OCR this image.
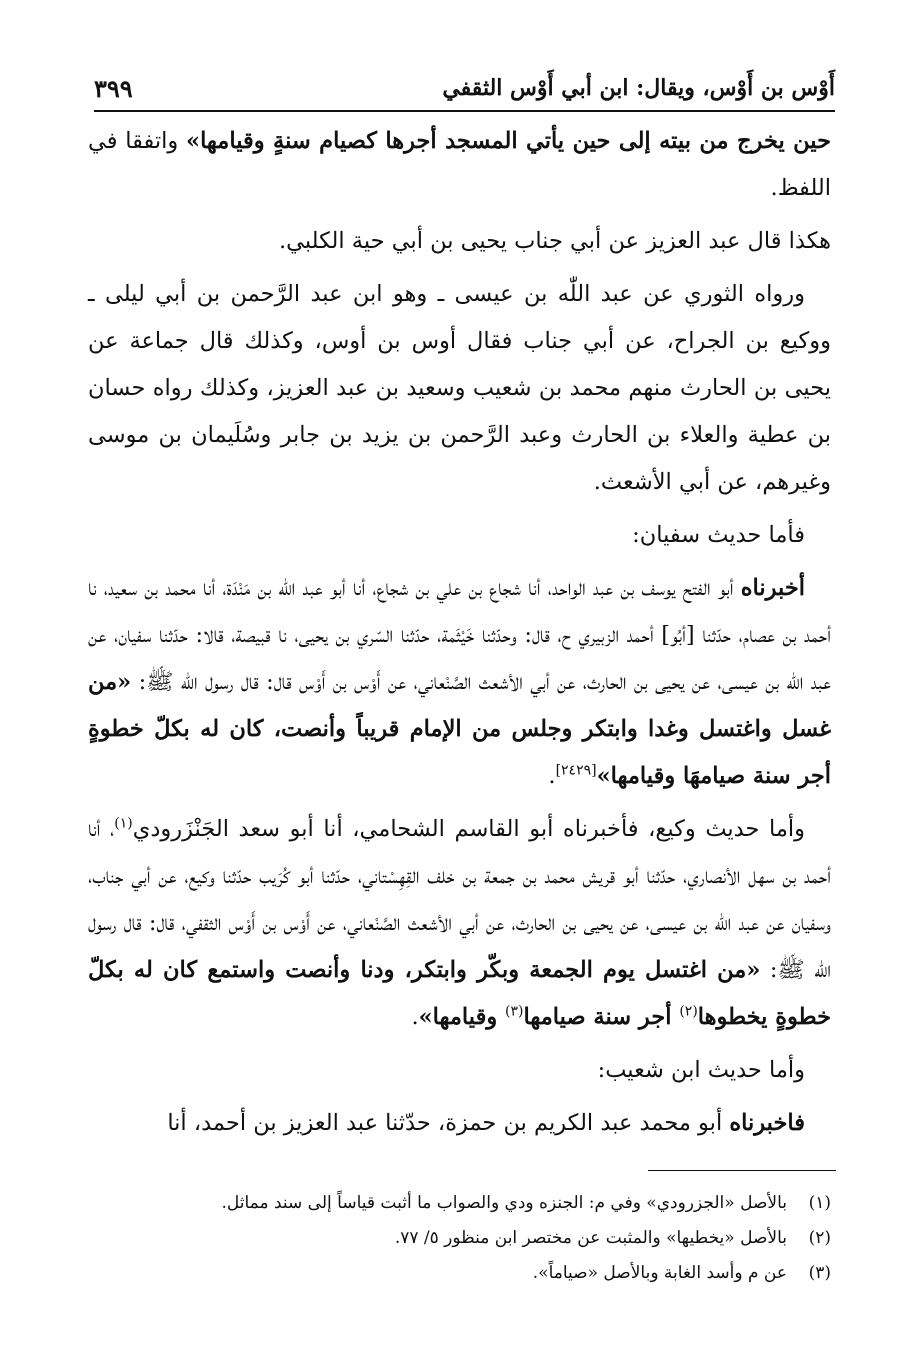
أَوْس بن أَوْس، ويقال: ابن أبي أَوْس الثقفي
٣٩٩

حين يخرج من بيته إلى حين يأتي المسجد أجرها كصيام سنةٍ وقيامها» واتفقا في اللفظ.

هكذا قال عبد العزيز عن أبي جناب يحيى بن أبي حية الكلبي.

ورواه الثوري عن عبد اللّٰه بن عيسى ـ وهو ابن عبد الرَّحمن بن أبي ليلى ـ ووكيع بن الجراح، عن أبي جناب فقال أوس بن أوس، وكذلك قال جماعة عن يحيى بن الحارث منهم محمد بن شعيب وسعيد بن عبد العزيز، وكذلك رواه حسان بن عطية والعلاء بن الحارث وعبد الرَّحمن بن يزيد بن جابر وسُلَيمان بن موسى وغيرهم، عن أبي الأشعث.

فأما حديث سفيان:

أخبرناه أبو الفتح يوسف بن عبد الواحد، أنا شجاع بن علي بن شجاع، أنا أبو عبد اللّٰه بن مَنْدَة، أنا محمد بن سعيد، نا أحمد بن عصام، حدّثنا [أبُو] أحمد الزبيري ح، قال: وحدّثنا خَيْثَمة، حدّثنا السّري بن يحيى، نا قبيصة، قالا: حدّثنا سفيان، عن عبد اللّٰه بن عيسى، عن يحيى بن الحارث، عن أبي الأشعث الصَّنْعاني، عن أَوْس بن أَوْس قال: قال رسول اللّٰه ﷺ: «من غسل واغتسل وغدا وابتكر وجلس من الإمام قريباً وأنصت، كان له بكلّ خطوةٍ أجر سنة صيامهَا وقيامها»[٢٤٢٩].

وأما حديث وكيع، فأخبرناه أبو القاسم الشحامي، أنا أبو سعد الجَنْزَرودي$^{(١)}$، أنا أحمد بن سهل الأنصاري، حدّثنا أبو قريش محمد بن جمعة بن خلف القِهِسْتاني، حدّثنا أبو كُرَيب حدّثنا وكيع، عن أبي جناب، وسفيان عن عبد اللّٰه بن عيسى، عن يحيى بن الحارث، عن أبي الأشعث الصَّنْعاني، عن أَوْس بن أَوْس الثقفي، قال: قال رسول اللّٰه ﷺ: «من اغتسل يوم الجمعة وبكّر وابتكر، ودنا وأنصت واستمع كان له بكلّ خطوةٍ يخطوها$^{(٢)}$ أجر سنة صيامها$^{(٣)}$ وقيامها».

وأما حديث ابن شعيب:

فاخبرناه أبو محمد عبد الكريم بن حمزة، حدّثنا عبد العزيز بن أحمد، أنا

(١)
بالأصل «الجزرودي» وفي م: الجنزه ودي والصواب ما أثبت قياساً إلى سند مماثل.
(٢)
بالأصل «يخطيها» والمثبت عن مختصر ابن منظور ٥/ ٧٧.
(٣)
عن م وأسد الغابة وبالأصل «صياماً».
